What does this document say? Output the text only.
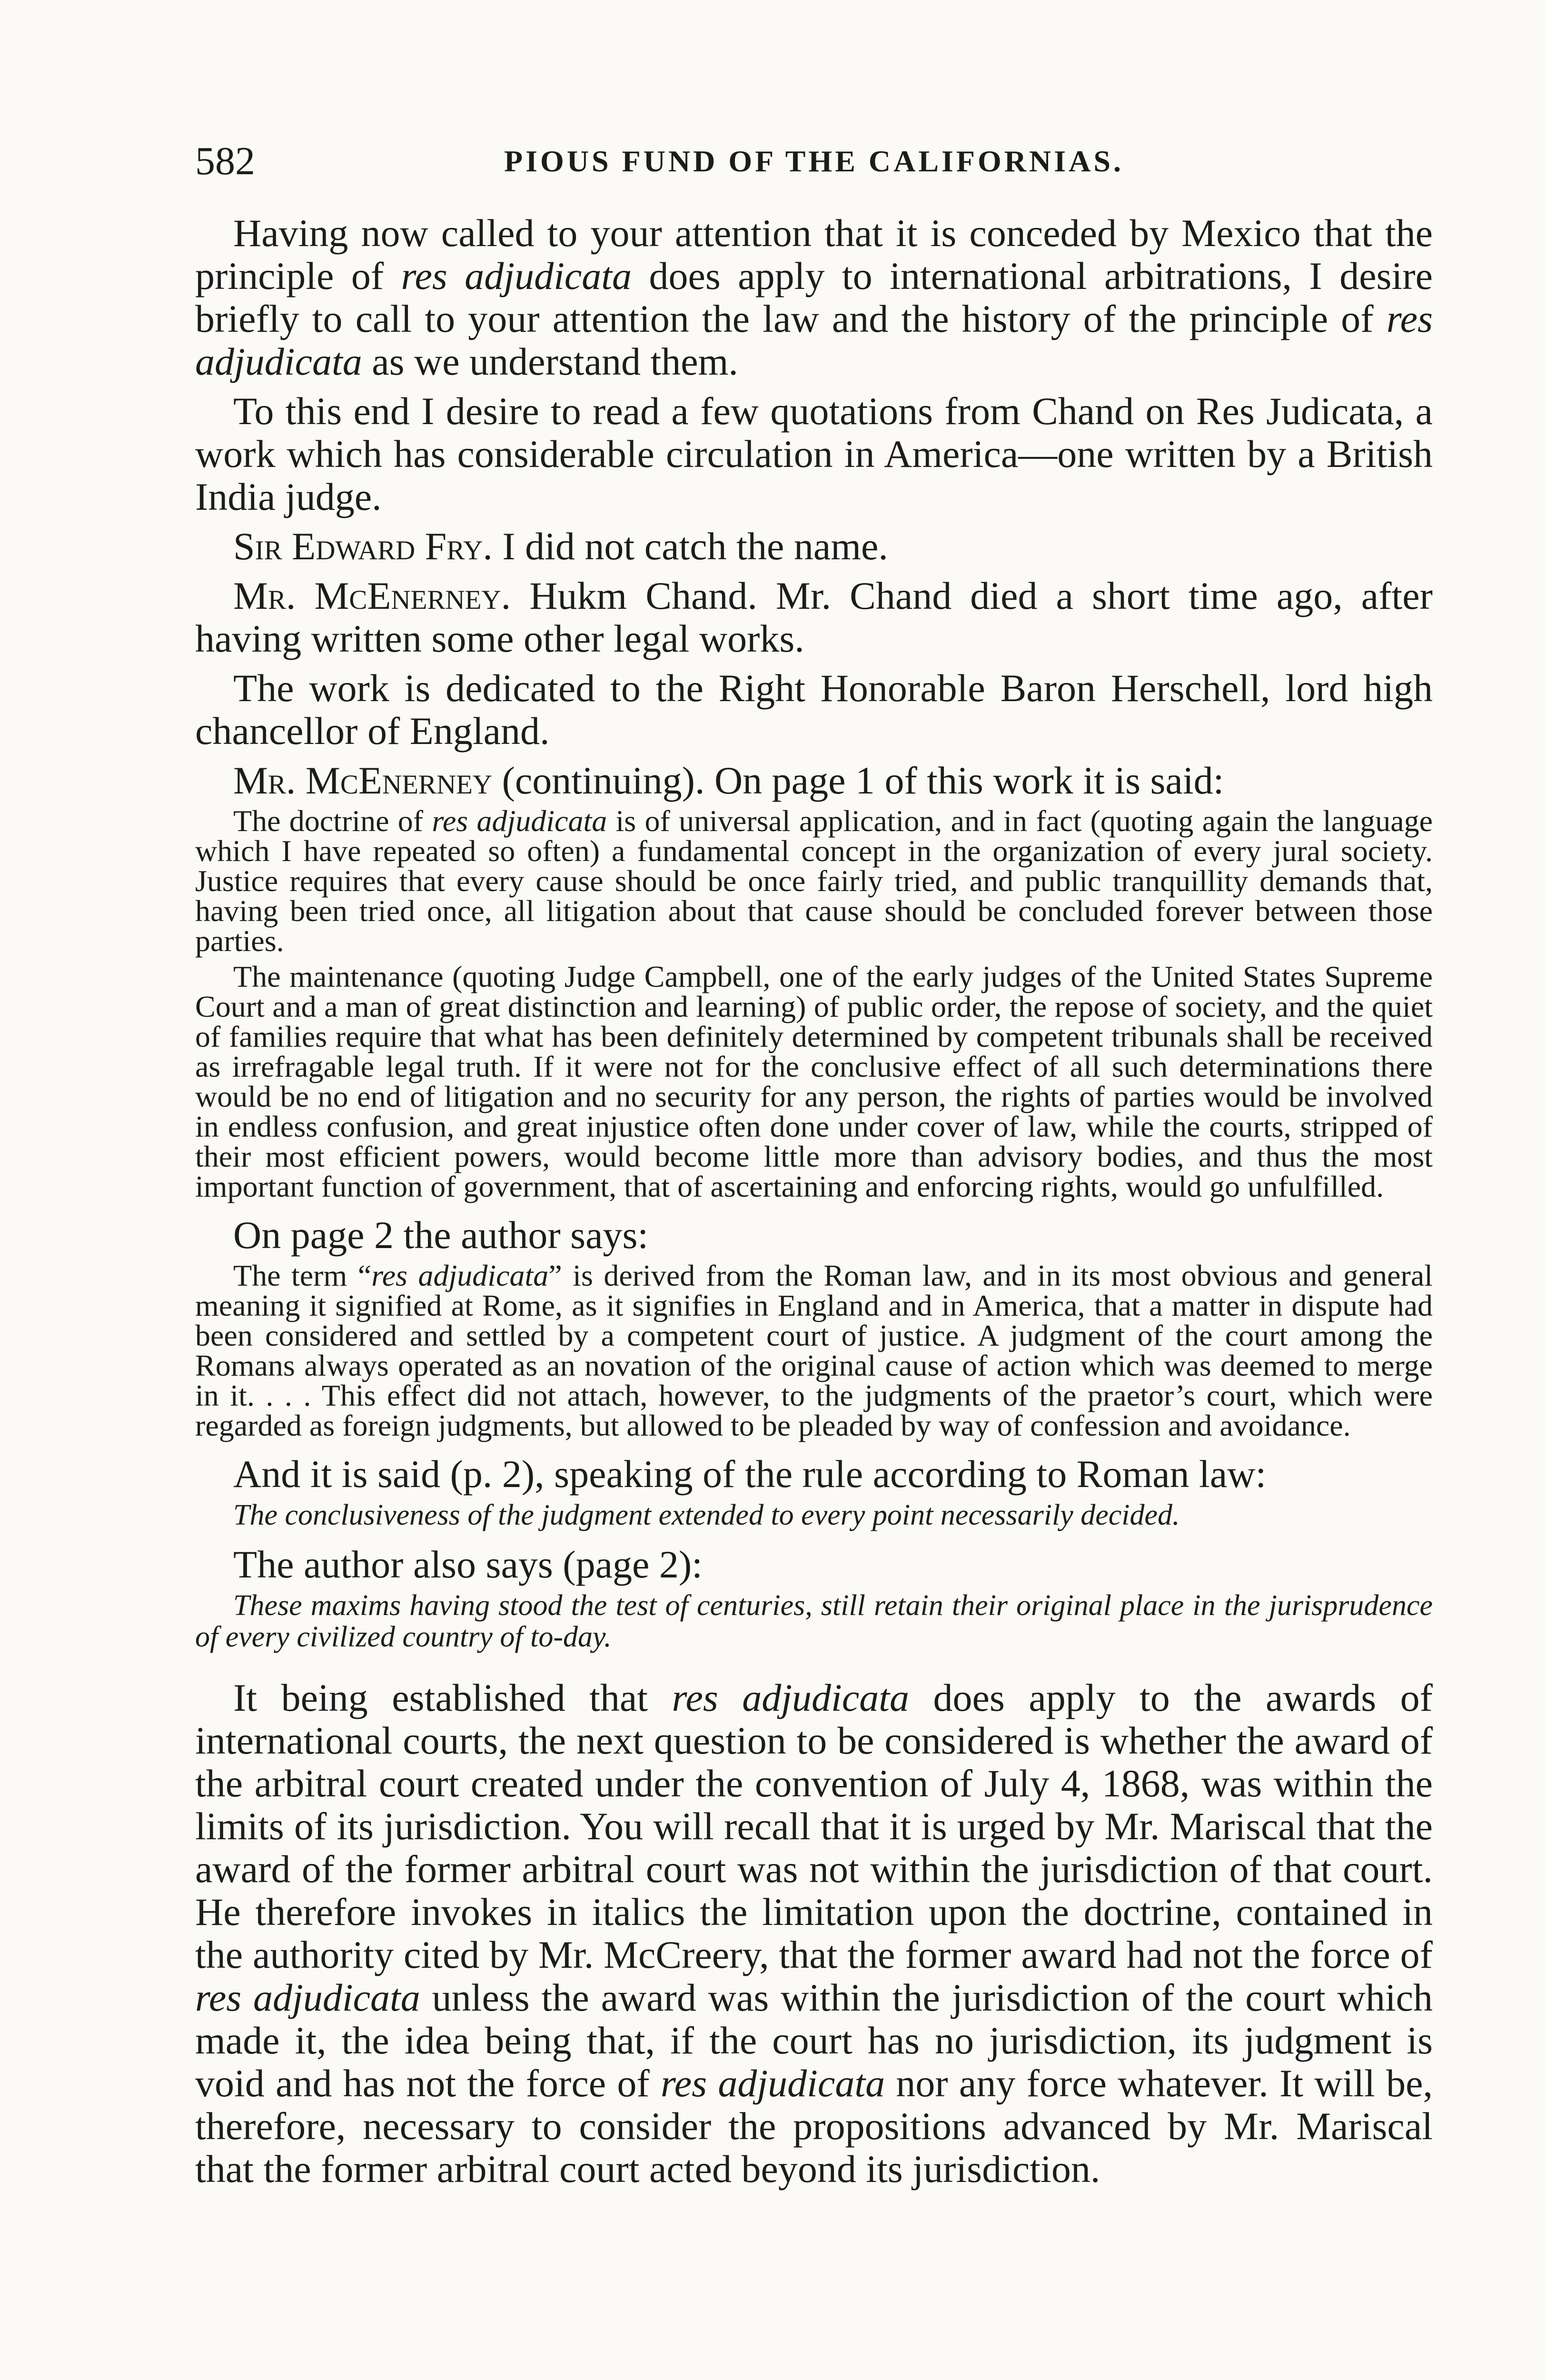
582	PIOUS FUND OF THE CALIFORNIAS.

Having now called to your attention that it is conceded by Mexico that the principle of res adjudicata does apply to international arbitrations, I desire briefly to call to your attention the law and the history of the principle of res adjudicata as we understand them.

To this end I desire to read a few quotations from Chand on Res Judicata, a work which has considerable circulation in America—one written by a British India judge.

Sir Edward Fry. I did not catch the name.

Mr. McEnerney. Hukm Chand. Mr. Chand died a short time ago, after having written some other legal works.

The work is dedicated to the Right Honorable Baron Herschell, lord high chancellor of England.

Mr. McEnerney (continuing). On page 1 of this work it is said:

The doctrine of res adjudicata is of universal application, and in fact (quoting again the language which I have repeated so often) a fundamental concept in the organization of every jural society. Justice requires that every cause should be once fairly tried, and public tranquillity demands that, having been tried once, all litigation about that cause should be concluded forever between those parties.

The maintenance (quoting Judge Campbell, one of the early judges of the United States Supreme Court and a man of great distinction and learning) of public order, the repose of society, and the quiet of families require that what has been definitely determined by competent tribunals shall be received as irrefragable legal truth. If it were not for the conclusive effect of all such determinations there would be no end of litigation and no security for any person, the rights of parties would be involved in endless confusion, and great injustice often done under cover of law, while the courts, stripped of their most efficient powers, would become little more than advisory bodies, and thus the most important function of government, that of ascertaining and enforcing rights, would go unfulfilled.

On page 2 the author says:

The term “res adjudicata” is derived from the Roman law, and in its most obvious and general meaning it signified at Rome, as it signifies in England and in America, that a matter in dispute had been considered and settled by a competent court of justice. A judgment of the court among the Romans always operated as an novation of the original cause of action which was deemed to merge in it. . . . This effect did not attach, however, to the judgments of the praetor’s court, which were regarded as foreign judgments, but allowed to be pleaded by way of confession and avoidance.

And it is said (p. 2), speaking of the rule according to Roman law:

The conclusiveness of the judgment extended to every point necessarily decided.

The author also says (page 2):

These maxims having stood the test of centuries, still retain their original place in the jurisprudence of every civilized country of to-day.

It being established that res adjudicata does apply to the awards of international courts, the next question to be considered is whether the award of the arbitral court created under the convention of July 4, 1868, was within the limits of its jurisdiction. You will recall that it is urged by Mr. Mariscal that the award of the former arbitral court was not within the jurisdiction of that court. He therefore invokes in italics the limitation upon the doctrine, contained in the authority cited by Mr. McCreery, that the former award had not the force of res adjudicata unless the award was within the jurisdiction of the court which made it, the idea being that, if the court has no jurisdiction, its judgment is void and has not the force of res adjudicata nor any force whatever. It will be, therefore, necessary to consider the propositions advanced by Mr. Mariscal that the former arbitral court acted beyond its jurisdiction.
